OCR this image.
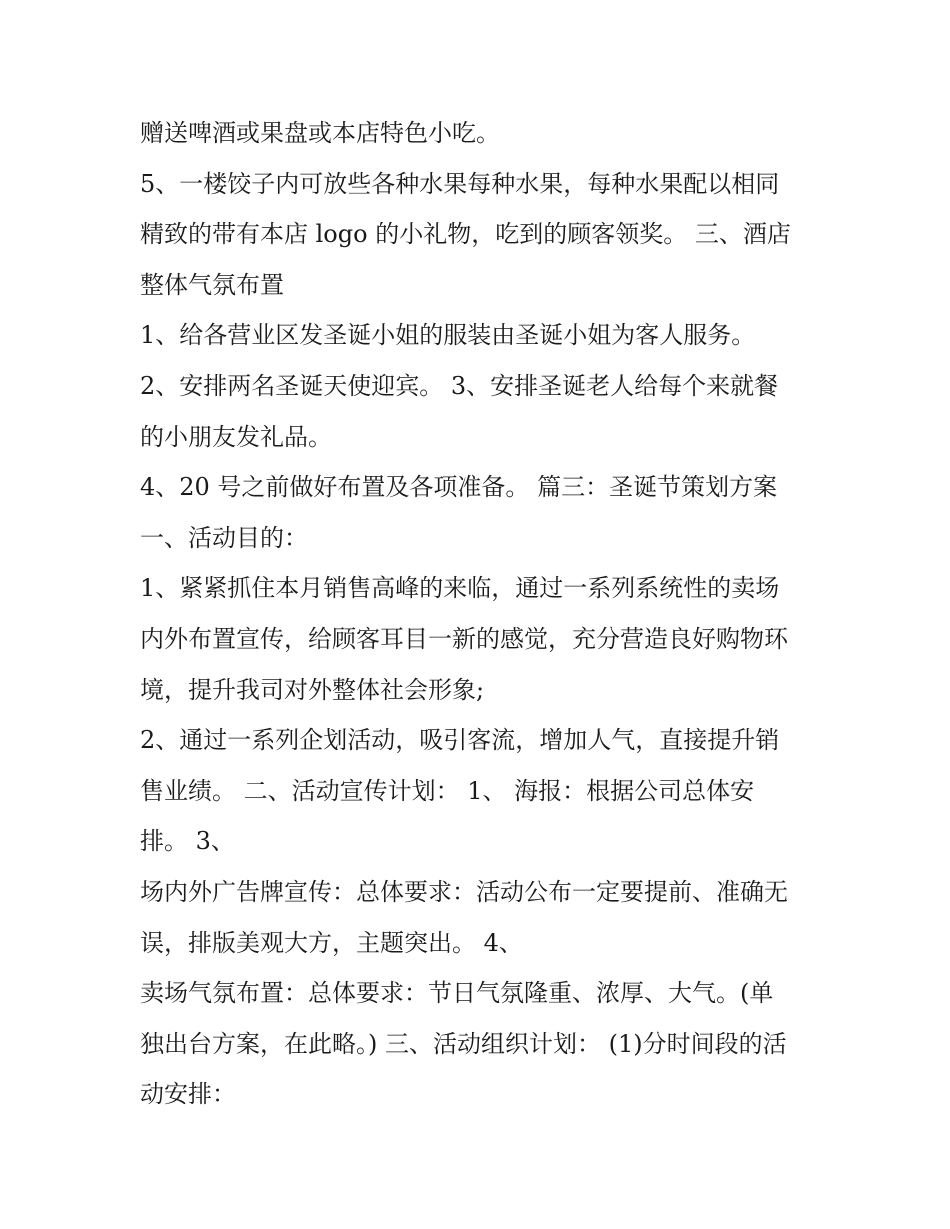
赠送啤酒或果盘或本店特色小吃。
5、一楼饺子内可放些各种水果每种水果，每种水果配以相同
精致的带有本店 logo 的小礼物，吃到的顾客领奖。 三、酒店
整体气氛布置
1、给各营业区发圣诞小姐的服装由圣诞小姐为客人服务。
2、安排两名圣诞天使迎宾。 3、安排圣诞老人给每个来就餐
的小朋友发礼品。
4、20 号之前做好布置及各项准备。 篇三：圣诞节策划方案
一、活动目的：
1、紧紧抓住本月销售高峰的来临，通过一系列系统性的卖场
内外布置宣传，给顾客耳目一新的感觉，充分营造良好购物环
境，提升我司对外整体社会形象;
2、通过一系列企划活动，吸引客流，增加人气，直接提升销
售业绩。 二、活动宣传计划： 1、 海报：根据公司总体安
排。 3、
场内外广告牌宣传：总体要求：活动公布一定要提前、准确无
误，排版美观大方，主题突出。 4、
卖场气氛布置：总体要求：节日气氛隆重、浓厚、大气。(单
独出台方案，在此略。) 三、活动组织计划： (1)分时间段的活
动安排：
